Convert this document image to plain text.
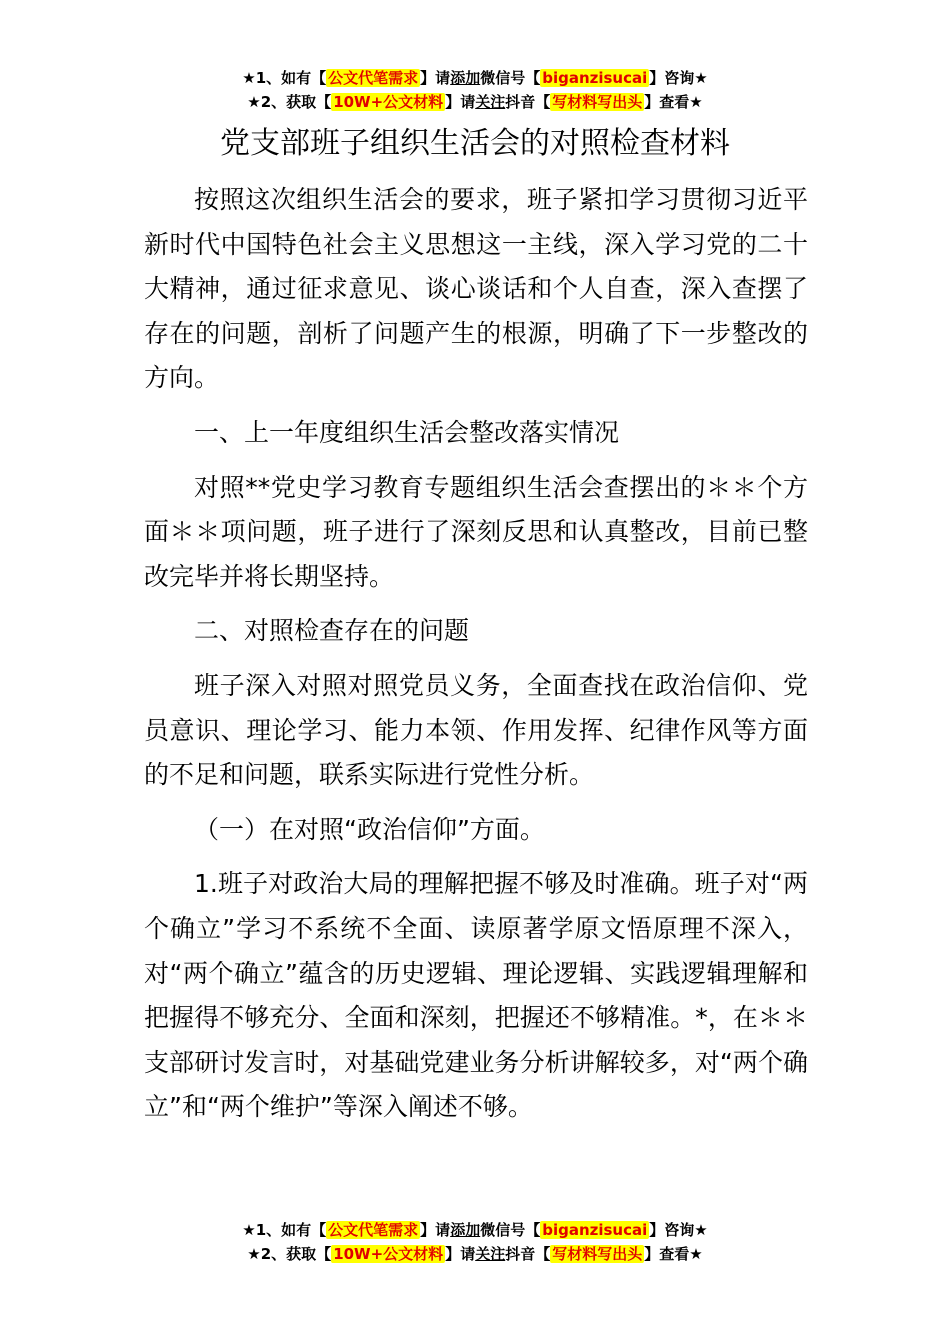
★1、如有【 公文代笔需求 】请添加微信号【 biganzisucai 】咨询★
★2、获取【 10W+公文材料 】请关注抖音【 写材料写出头 】查看★
党支部班子组织生活会的对照检查材料

按照这次组织生活会的要求，班子紧扣学习贯彻习近平新时代中国特色社会主义思想这一主线，深入学习党的二十大精神，通过征求意见、谈心谈话和个人自查，深入查摆了存在的问题，剖析了问题产生的根源，明确了下一步整改的方向。

一、上一年度组织生活会整改落实情况

对照**党史学习教育专题组织生活会查摆出的＊＊个方面＊＊项问题，班子进行了深刻反思和认真整改，目前已整改完毕并将长期坚持。

二、对照检查存在的问题

班子深入对照对照党员义务，全面查找在政治信仰、党员意识、理论学习、能力本领、作用发挥、纪律作风等方面的不足和问题，联系实际进行党性分析。

（一）在对照“政治信仰”方面。

1.班子对政治大局的理解把握不够及时准确。班子对“两个确立”学习不系统不全面、读原著学原文悟原理不深入，对“两个确立”蕴含的历史逻辑、理论逻辑、实践逻辑理解和把握得不够充分、全面和深刻，把握还不够精准。*，在＊＊支部研讨发言时，对基础党建业务分析讲解较多，对“两个确立”和“两个维护”等深入阐述不够。

★1、如有【 公文代笔需求 】请添加微信号【 biganzisucai 】咨询★
★2、获取【 10W+公文材料 】请关注抖音【 写材料写出头 】查看★
